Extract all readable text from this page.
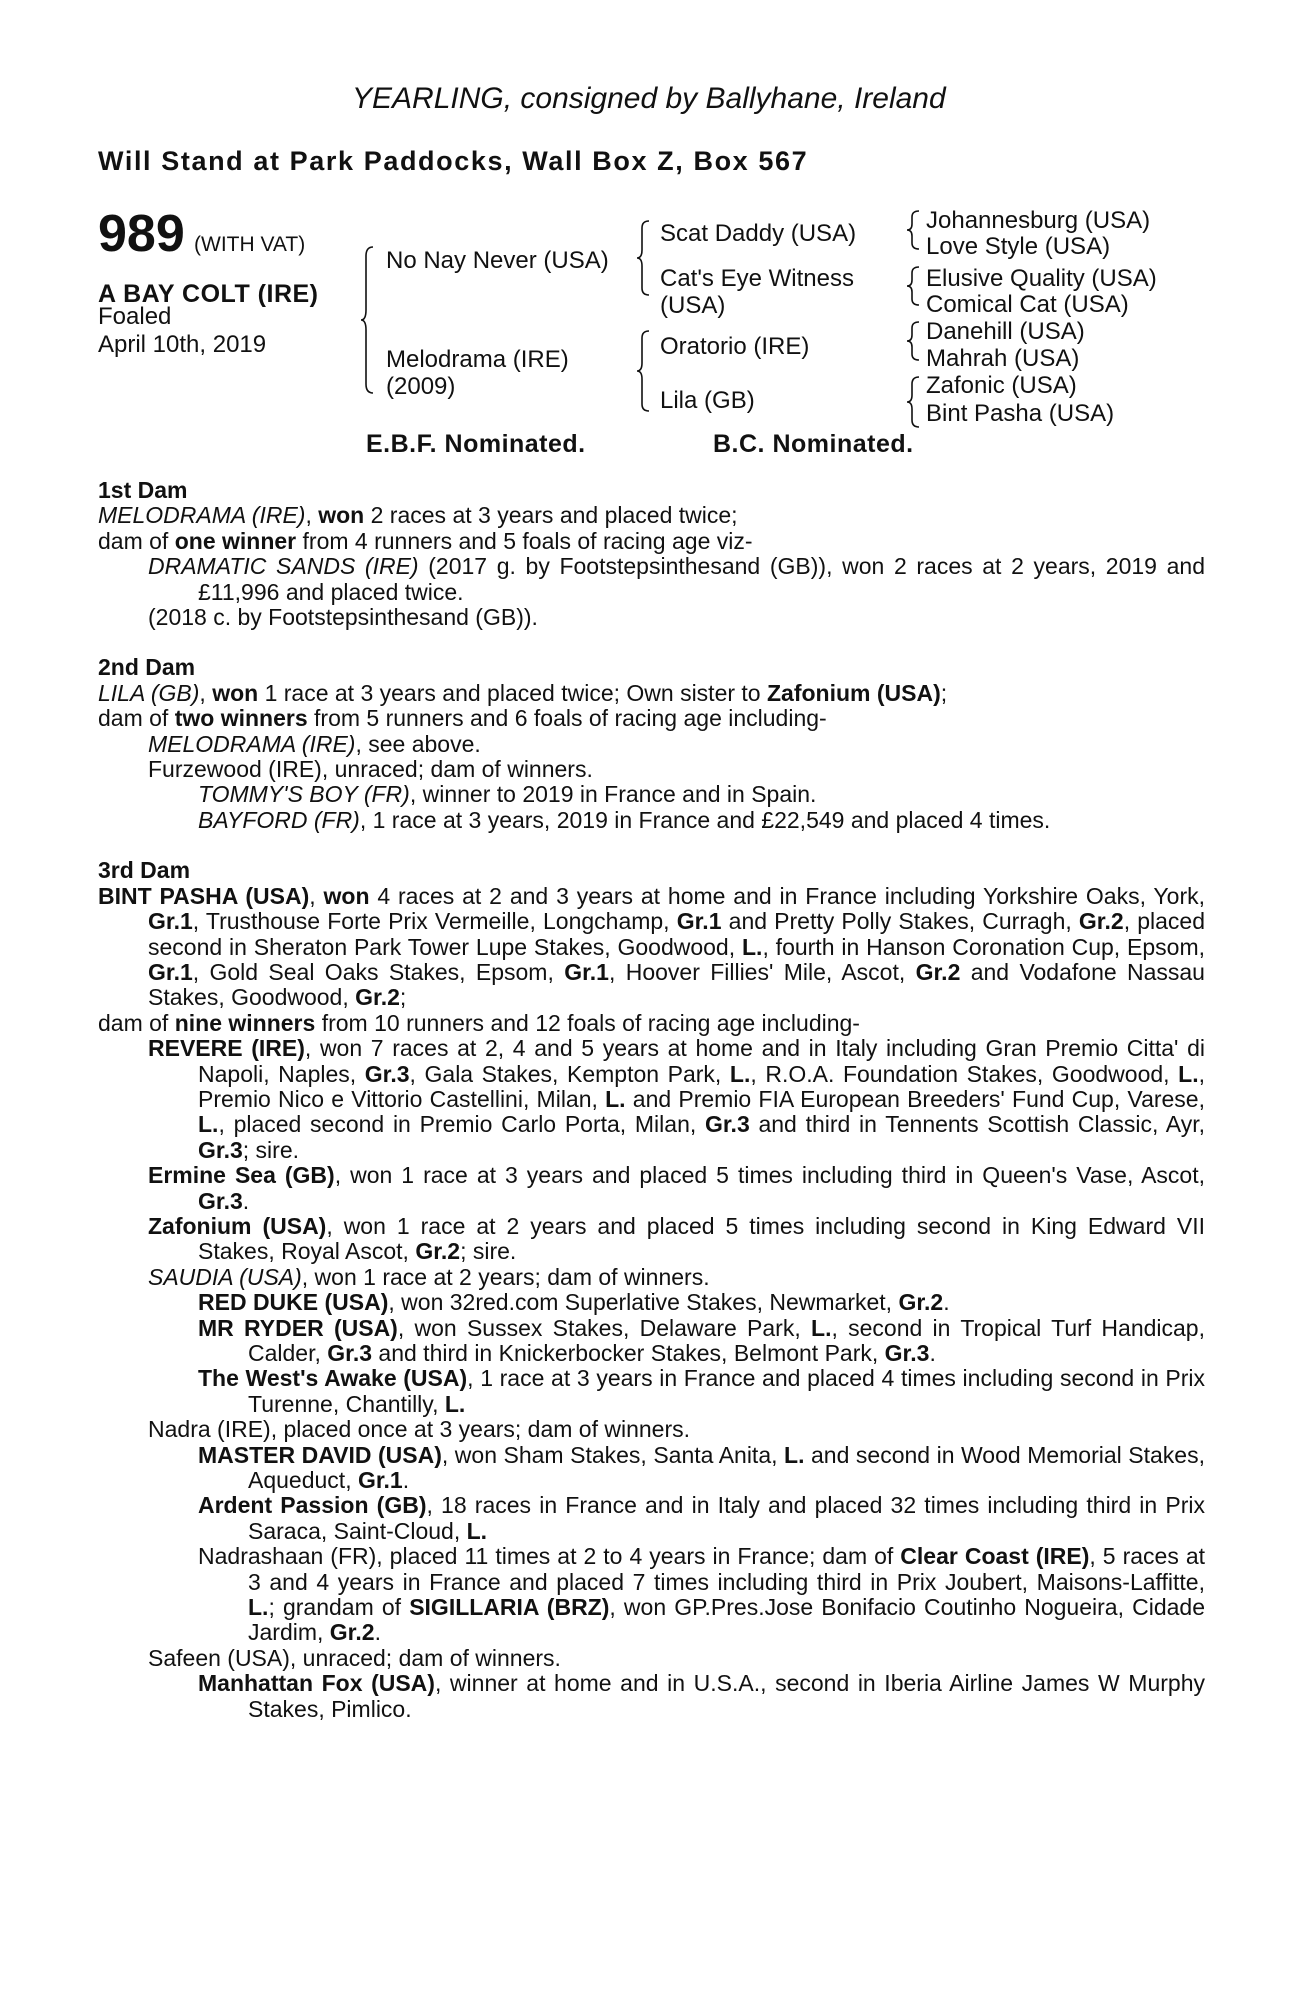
YEARLING, consigned by Ballyhane, Ireland
Will Stand at Park Paddocks, Wall Box Z, Box 567
989 (WITH VAT)
A BAY COLT (IRE)
Foaled
April 10th, 2019
No Nay Never (USA)
Melodrama (IRE)
(2009)
Scat Daddy (USA)
Cat's Eye Witness
(USA)
Oratorio (IRE)
Lila (GB)
Johannesburg (USA)
Love Style (USA)
Elusive Quality (USA)
Comical Cat (USA)
Danehill (USA)
Mahrah (USA)
Zafonic (USA)
Bint Pasha (USA)
E.B.F. Nominated.	B.C. Nominated.
1st Dam
MELODRAMA (IRE), won 2 races at 3 years and placed twice;
dam of one winner from 4 runners and 5 foals of racing age viz-
DRAMATIC SANDS (IRE) (2017 g. by Footstepsinthesand (GB)), won 2 races at 2 years, 2019 and £11,996 and placed twice.
(2018 c. by Footstepsinthesand (GB)).
2nd Dam
LILA (GB), won 1 race at 3 years and placed twice; Own sister to Zafonium (USA);
dam of two winners from 5 runners and 6 foals of racing age including-
MELODRAMA (IRE), see above.
Furzewood (IRE), unraced; dam of winners.
TOMMY'S BOY (FR), winner to 2019 in France and in Spain.
BAYFORD (FR), 1 race at 3 years, 2019 in France and £22,549 and placed 4 times.
3rd Dam
BINT PASHA (USA), won 4 races at 2 and 3 years at home and in France including Yorkshire Oaks, York, Gr.1, Trusthouse Forte Prix Vermeille, Longchamp, Gr.1 and Pretty Polly Stakes, Curragh, Gr.2, placed second in Sheraton Park Tower Lupe Stakes, Goodwood, L., fourth in Hanson Coronation Cup, Epsom, Gr.1, Gold Seal Oaks Stakes, Epsom, Gr.1, Hoover Fillies' Mile, Ascot, Gr.2 and Vodafone Nassau Stakes, Goodwood, Gr.2;
dam of nine winners from 10 runners and 12 foals of racing age including-
REVERE (IRE), won 7 races at 2, 4 and 5 years at home and in Italy including Gran Premio Citta' di Napoli, Naples, Gr.3, Gala Stakes, Kempton Park, L., R.O.A. Foundation Stakes, Goodwood, L., Premio Nico e Vittorio Castellini, Milan, L. and Premio FIA European Breeders' Fund Cup, Varese, L., placed second in Premio Carlo Porta, Milan, Gr.3 and third in Tennents Scottish Classic, Ayr, Gr.3; sire.
Ermine Sea (GB), won 1 race at 3 years and placed 5 times including third in Queen's Vase, Ascot, Gr.3.
Zafonium (USA), won 1 race at 2 years and placed 5 times including second in King Edward VII Stakes, Royal Ascot, Gr.2; sire.
SAUDIA (USA), won 1 race at 2 years; dam of winners.
RED DUKE (USA), won 32red.com Superlative Stakes, Newmarket, Gr.2.
MR RYDER (USA), won Sussex Stakes, Delaware Park, L., second in Tropical Turf Handicap, Calder, Gr.3 and third in Knickerbocker Stakes, Belmont Park, Gr.3.
The West's Awake (USA), 1 race at 3 years in France and placed 4 times including second in Prix Turenne, Chantilly, L.
Nadra (IRE), placed once at 3 years; dam of winners.
MASTER DAVID (USA), won Sham Stakes, Santa Anita, L. and second in Wood Memorial Stakes, Aqueduct, Gr.1.
Ardent Passion (GB), 18 races in France and in Italy and placed 32 times including third in Prix Saraca, Saint-Cloud, L.
Nadrashaan (FR), placed 11 times at 2 to 4 years in France; dam of Clear Coast (IRE), 5 races at 3 and 4 years in France and placed 7 times including third in Prix Joubert, Maisons-Laffitte, L.; grandam of SIGILLARIA (BRZ), won GP.Pres.Jose Bonifacio Coutinho Nogueira, Cidade Jardim, Gr.2.
Safeen (USA), unraced; dam of winners.
Manhattan Fox (USA), winner at home and in U.S.A., second in Iberia Airline James W Murphy Stakes, Pimlico.
